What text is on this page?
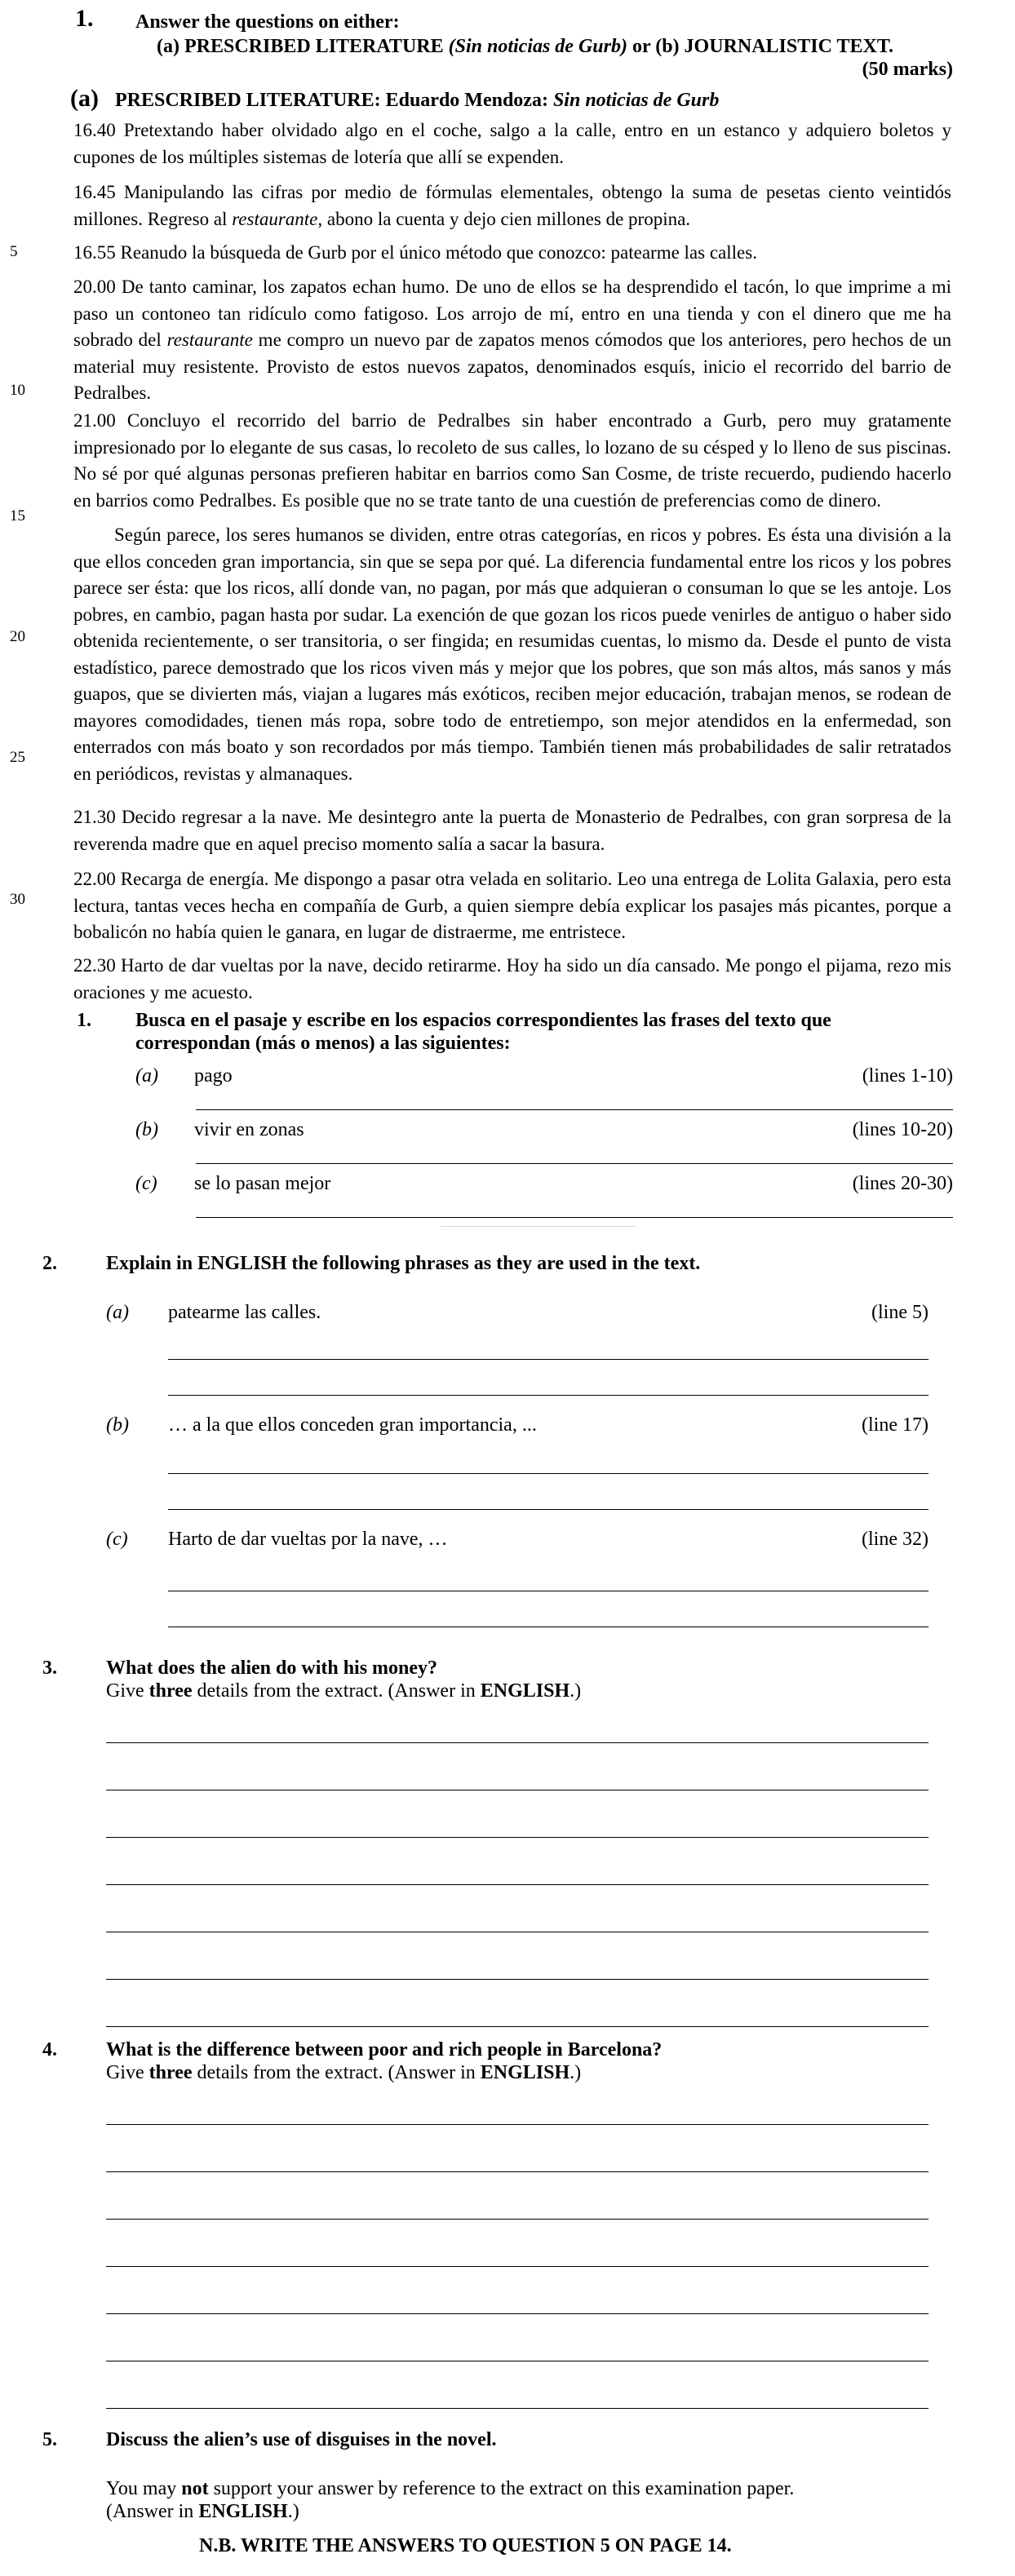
1. Answer the questions on either:
(a) PRESCRIBED LITERATURE (Sin noticias de Gurb) or (b) JOURNALISTIC TEXT.
(50 marks)
(a) PRESCRIBED LITERATURE: Eduardo Mendoza: Sin noticias de Gurb
16.40 Pretextando haber olvidado algo en el coche, salgo a la calle, entro en un estanco y adquiero boletos y cupones de los múltiples sistemas de lotería que allí se expenden.
16.45 Manipulando las cifras por medio de fórmulas elementales, obtengo la suma de pesetas ciento veintidós millones. Regreso al restaurante, abono la cuenta y dejo cien millones de propina.
16.55 Reanudo la búsqueda de Gurb por el único método que conozco: patearme las calles.
20.00 De tanto caminar, los zapatos echan humo. De uno de ellos se ha desprendido el tacón, lo que imprime a mi paso un contoneo tan ridículo como fatigoso. Los arrojo de mí, entro en una tienda y con el dinero que me ha sobrado del restaurante me compro un nuevo par de zapatos menos cómodos que los anteriores, pero hechos de un material muy resistente. Provisto de estos nuevos zapatos, denominados esquís, inicio el recorrido del barrio de Pedralbes.
21.00 Concluyo el recorrido del barrio de Pedralbes sin haber encontrado a Gurb, pero muy gratamente impresionado por lo elegante de sus casas, lo recoleto de sus calles, lo lozano de su césped y lo lleno de sus piscinas. No sé por qué algunas personas prefieren habitar en barrios como San Cosme, de triste recuerdo, pudiendo hacerlo en barrios como Pedralbes. Es posible que no se trate tanto de una cuestión de preferencias como de dinero.
Según parece, los seres humanos se dividen, entre otras categorías, en ricos y pobres. Es ésta una división a la que ellos conceden gran importancia, sin que se sepa por qué. La diferencia fundamental entre los ricos y los pobres parece ser ésta: que los ricos, allí donde van, no pagan, por más que adquieran o consuman lo que se les antoje. Los pobres, en cambio, pagan hasta por sudar. La exención de que gozan los ricos puede venirles de antiguo o haber sido obtenida recientemente, o ser transitoria, o ser fingida; en resumidas cuentas, lo mismo da. Desde el punto de vista estadístico, parece demostrado que los ricos viven más y mejor que los pobres, que son más altos, más sanos y más guapos, que se divierten más, viajan a lugares más exóticos, reciben mejor educación, trabajan menos, se rodean de mayores comodidades, tienen más ropa, sobre todo de entretiempo, son mejor atendidos en la enfermedad, son enterrados con más boato y son recordados por más tiempo. También tienen más probabilidades de salir retratados en periódicos, revistas y almanaques.
21.30 Decido regresar a la nave. Me desintegro ante la puerta de Monasterio de Pedralbes, con gran sorpresa de la reverenda madre que en aquel preciso momento salía a sacar la basura.
22.00 Recarga de energía. Me dispongo a pasar otra velada en solitario. Leo una entrega de Lolita Galaxia, pero esta lectura, tantas veces hecha en compañía de Gurb, a quien siempre debía explicar los pasajes más picantes, porque a bobalicón no había quien le ganara, en lugar de distraerme, me entristece.
22.30 Harto de dar vueltas por la nave, decido retirarme. Hoy ha sido un día cansado. Me pongo el pijama, rezo mis oraciones y me acuesto.
5
10
15
20
25
30
1. Busca en el pasaje y escribe en los espacios correspondientes las frases del texto que
correspondan (más o menos) a las siguientes:
(a) pago	(lines 1-10)
(b) vivir en zonas	(lines 10-20)
(c) se lo pasan mejor	(lines 20-30)
2.	Explain in ENGLISH the following phrases as they are used in the text.
(a) patearme las calles.	(line 5)
(b) … a la que ellos conceden gran importancia, ...	(line 17)
(c) Harto de dar vueltas por la nave, …	(line 32)
3.	What does the alien do with his money?
Give three details from the extract. (Answer in ENGLISH.)
4.	What is the difference between poor and rich people in Barcelona?
Give three details from the extract. (Answer in ENGLISH.)
5.	Discuss the alien’s use of disguises in the novel.
You may not support your answer by reference to the extract on this examination paper.
(Answer in ENGLISH.)
N.B. WRITE THE ANSWERS TO QUESTION 5 ON PAGE 14.
